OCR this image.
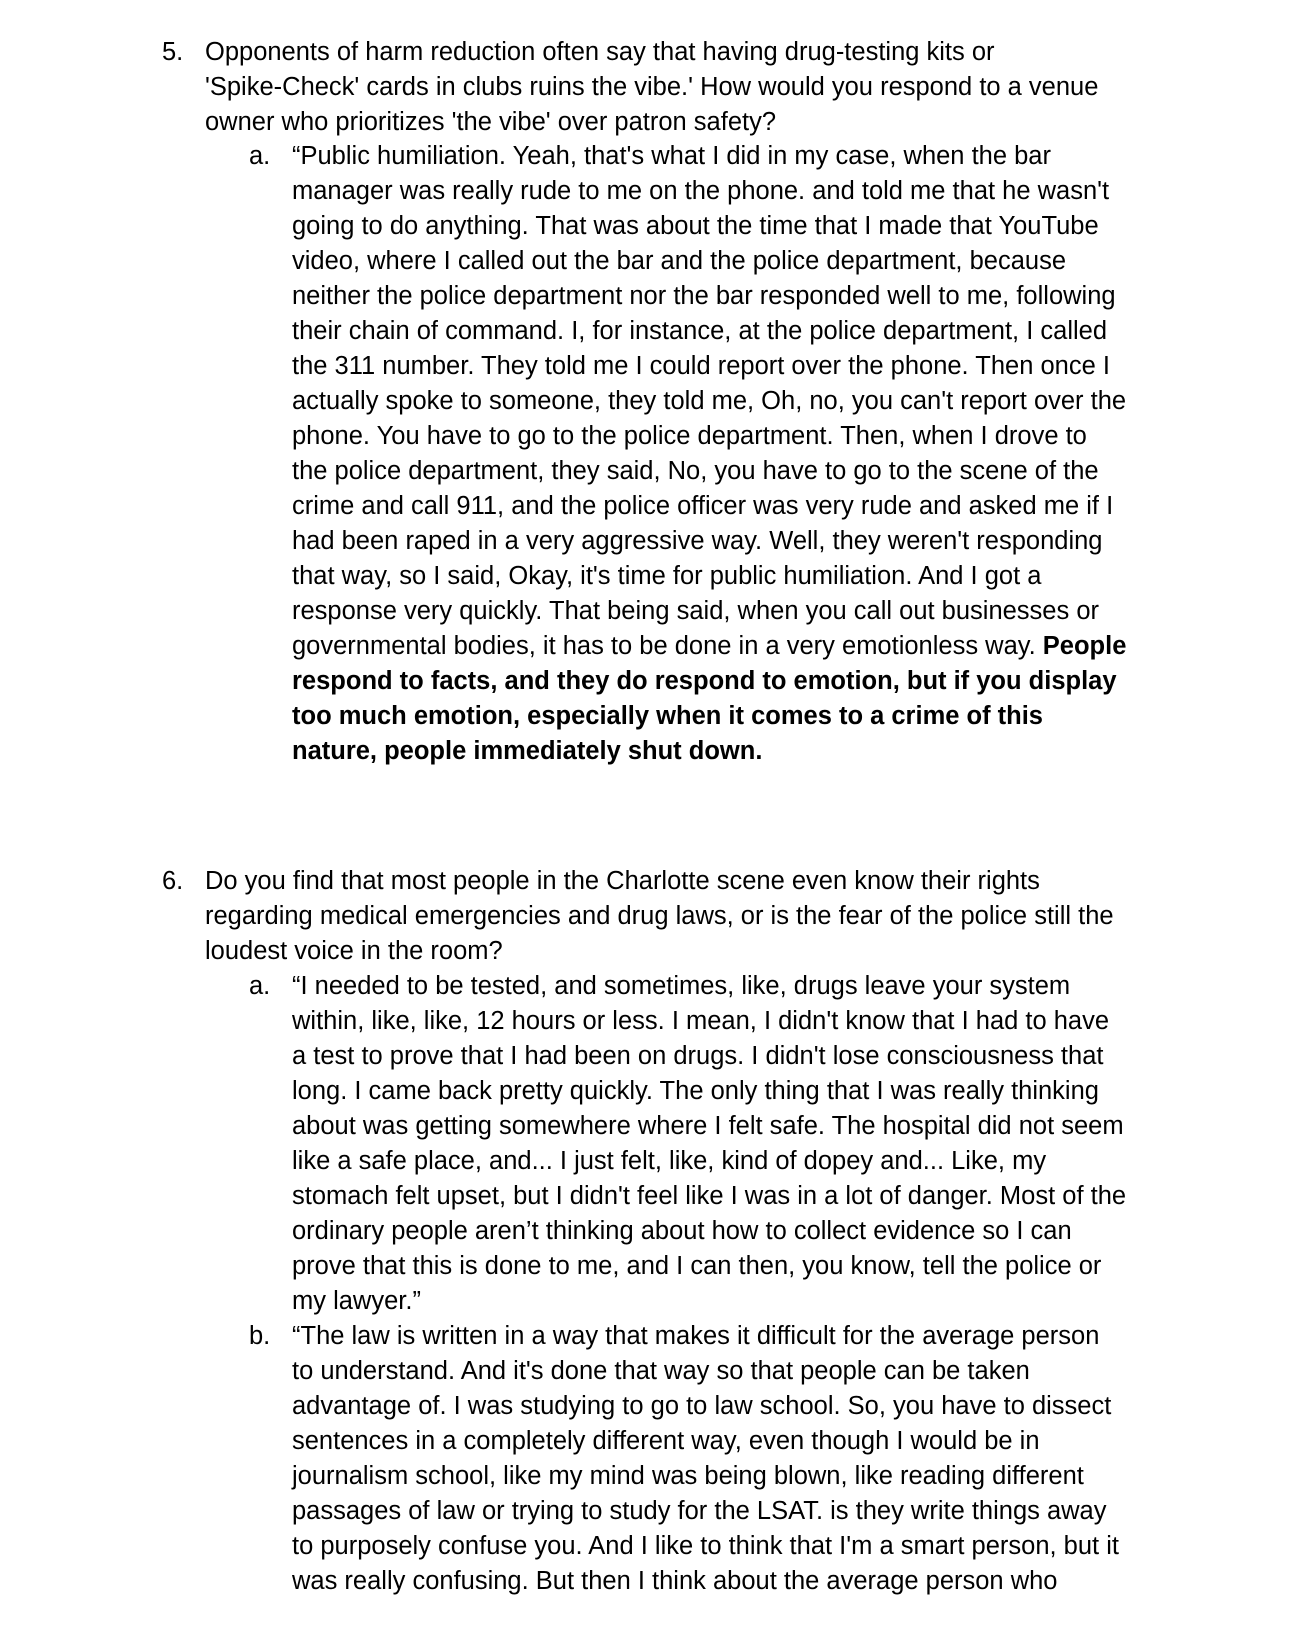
5. Opponents of harm reduction often say that having drug-testing kits or
'Spike-Check' cards in clubs ruins the vibe.' How would you respond to a venue
owner who prioritizes 'the vibe' over patron safety?
a. “Public humiliation. Yeah, that's what I did in my case, when the bar
manager was really rude to me on the phone. and told me that he wasn't
going to do anything. That was about the time that I made that YouTube
video, where I called out the bar and the police department, because
neither the police department nor the bar responded well to me, following
their chain of command. I, for instance, at the police department, I called
the 311 number. They told me I could report over the phone. Then once I
actually spoke to someone, they told me, Oh, no, you can't report over the
phone. You have to go to the police department. Then, when I drove to
the police department, they said, No, you have to go to the scene of the
crime and call 911, and the police officer was very rude and asked me if I
had been raped in a very aggressive way. Well, they weren't responding
that way, so I said, Okay, it's time for public humiliation. And I got a
response very quickly. That being said, when you call out businesses or
governmental bodies, it has to be done in a very emotionless way. People
respond to facts, and they do respond to emotion, but if you display
too much emotion, especially when it comes to a crime of this
nature, people immediately shut down.
6. Do you find that most people in the Charlotte scene even know their rights
regarding medical emergencies and drug laws, or is the fear of the police still the
loudest voice in the room?
a. “I needed to be tested, and sometimes, like, drugs leave your system
within, like, like, 12 hours or less. I mean, I didn't know that I had to have
a test to prove that I had been on drugs. I didn't lose consciousness that
long. I came back pretty quickly. The only thing that I was really thinking
about was getting somewhere where I felt safe. The hospital did not seem
like a safe place, and... I just felt, like, kind of dopey and... Like, my
stomach felt upset, but I didn't feel like I was in a lot of danger. Most of the
ordinary people aren’t thinking about how to collect evidence so I can
prove that this is done to me, and I can then, you know, tell the police or
my lawyer.”
b. “The law is written in a way that makes it difficult for the average person
to understand. And it's done that way so that people can be taken
advantage of. I was studying to go to law school. So, you have to dissect
sentences in a completely different way, even though I would be in
journalism school, like my mind was being blown, like reading different
passages of law or trying to study for the LSAT. is they write things away
to purposely confuse you. And I like to think that I'm a smart person, but it
was really confusing. But then I think about the average person who
